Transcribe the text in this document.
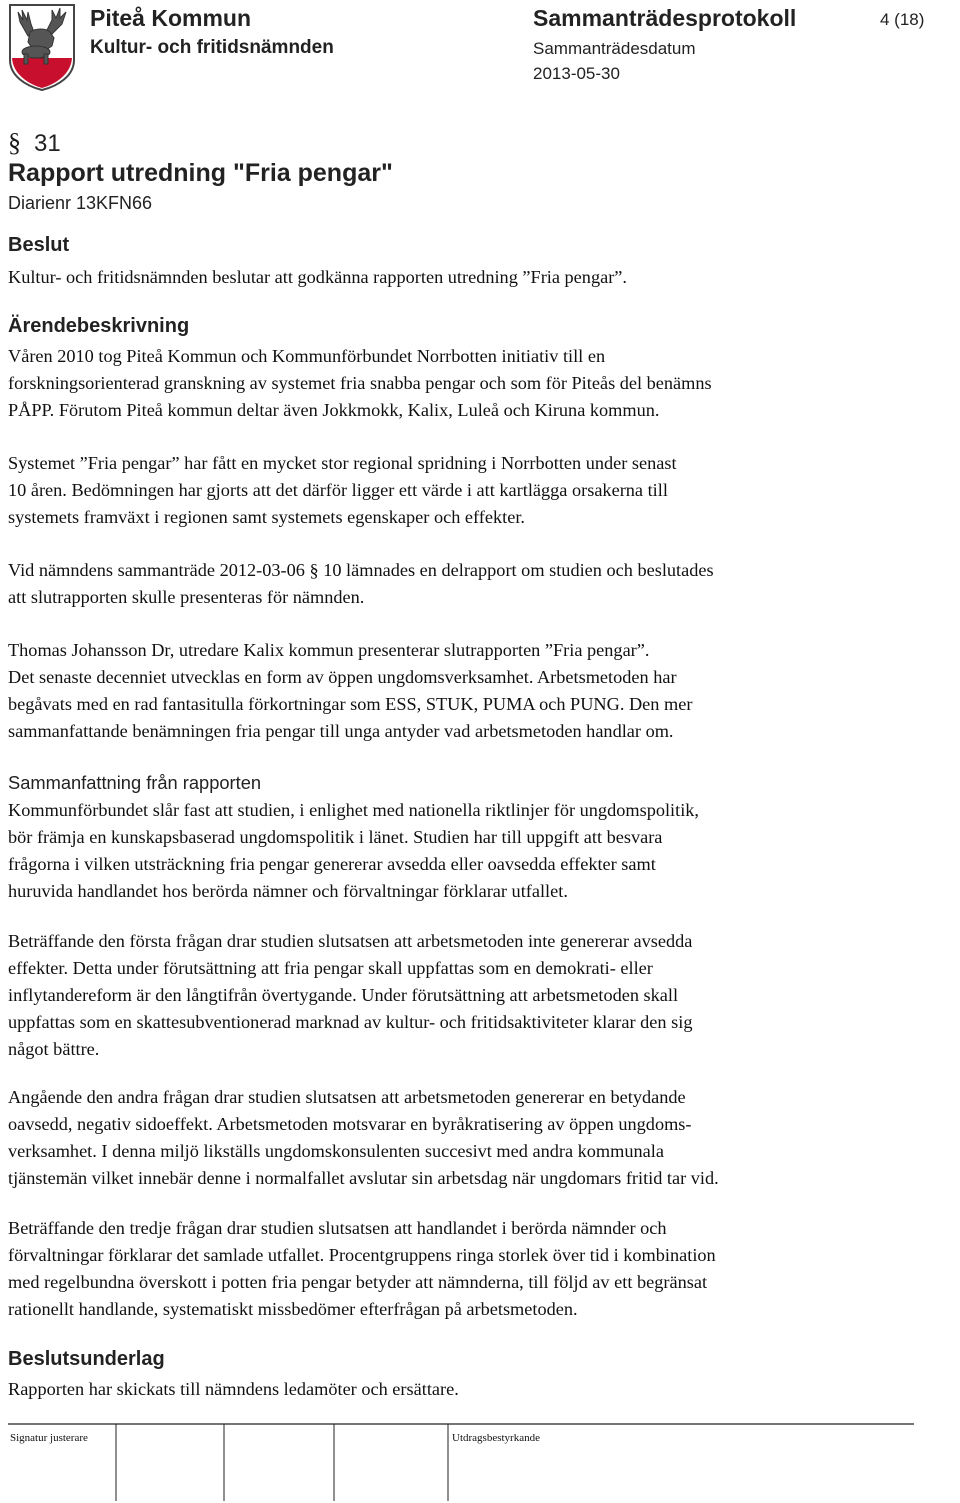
Piteå Kommun
Kultur- och fritidsnämnden
Sammanträdesprotokoll
Sammanträdesdatum
2013-05-30
4 (18)
§ 31
Rapport utredning "Fria pengar"
Diarienr 13KFN66
Beslut
Kultur- och fritidsnämnden beslutar att godkänna rapporten utredning ”Fria pengar”.
Ärendebeskrivning
Våren 2010 tog Piteå Kommun och Kommunförbundet Norrbotten initiativ till en
forskningsorienterad granskning av systemet fria snabba pengar och som för Piteås del benämns
PÅPP. Förutom Piteå kommun deltar även Jokkmokk, Kalix, Luleå och Kiruna kommun.
Systemet ”Fria pengar” har fått en mycket stor regional spridning i Norrbotten under senast
10 åren. Bedömningen har gjorts att det därför ligger ett värde i att kartlägga orsakerna till
systemets framväxt i regionen samt systemets egenskaper och effekter.
Vid nämndens sammanträde 2012-03-06 § 10 lämnades en delrapport om studien och beslutades
att slutrapporten skulle presenteras för nämnden.
Thomas Johansson Dr, utredare Kalix kommun presenterar slutrapporten ”Fria pengar”.
Det senaste decenniet utvecklas en form av öppen ungdomsverksamhet. Arbetsmetoden har
begåvats med en rad fantasitulla förkortningar som ESS, STUK, PUMA och PUNG. Den mer
sammanfattande benämningen fria pengar till unga antyder vad arbetsmetoden handlar om.
Sammanfattning från rapporten
Kommunförbundet slår fast att studien, i enlighet med nationella riktlinjer för ungdomspolitik,
bör främja en kunskapsbaserad ungdomspolitik i länet. Studien har till uppgift att besvara
frågorna i vilken utsträckning fria pengar genererar avsedda eller oavsedda effekter samt
huruvida handlandet hos berörda nämner och förvaltningar förklarar utfallet.
Beträffande den första frågan drar studien slutsatsen att arbetsmetoden inte genererar avsedda
effekter. Detta under förutsättning att fria pengar skall uppfattas som en demokrati- eller
inflytandereform är den långtifrån övertygande. Under förutsättning att arbetsmetoden skall
uppfattas som en skattesubventionerad marknad av kultur- och fritidsaktiviteter klarar den sig
något bättre.
Angående den andra frågan drar studien slutsatsen att arbetsmetoden genererar en betydande
oavsedd, negativ sidoeffekt. Arbetsmetoden motsvarar en byråkratisering av öppen ungdoms-
verksamhet. I denna miljö likställs ungdomskonsulenten succesivt med andra kommunala
tjänstemän vilket innebär denne i normalfallet avslutar sin arbetsdag när ungdomars fritid tar vid.
Beträffande den tredje frågan drar studien slutsatsen att handlandet i berörda nämnder och
förvaltningar förklarar det samlade utfallet. Procentgruppens ringa storlek över tid i kombination
med regelbundna överskott i potten fria pengar betyder att nämnderna, till följd av ett begränsat
rationellt handlande, systematiskt missbedömer efterfrågan på arbetsmetoden.
Beslutsunderlag
Rapporten har skickats till nämndens ledamöter och ersättare.
Signatur justerare	Utdragsbestyrkande
